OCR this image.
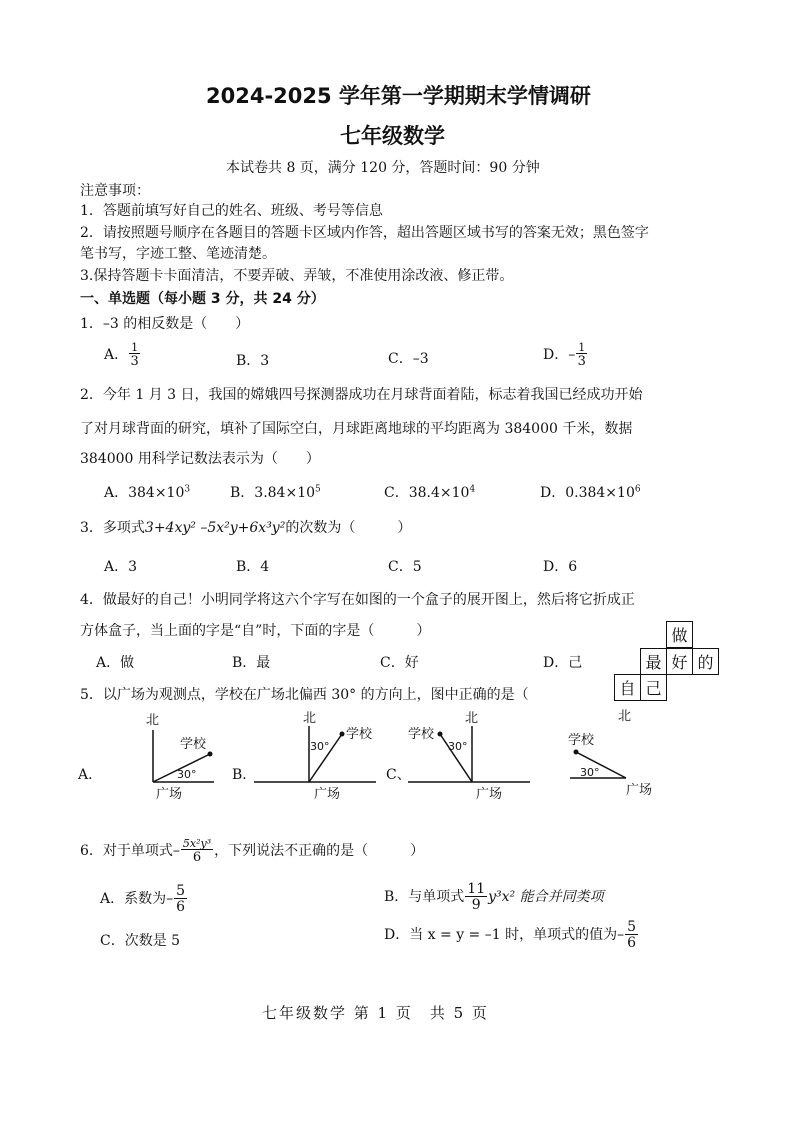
2024-2025 学年第一学期期末学情调研
七年级数学
本试卷共 8 页，满分 120 分，答题时间：90 分钟
注意事项：
1．答题前填写好自己的姓名、班级、考号等信息
2．请按照题号顺序在各题目的答题卡区域内作答，超出答题区域书写的答案无效；黑色签字
笔书写，字迹工整、笔迹清楚。
3.保持答题卡卡面清洁，不要弄破、弄皱，不准使用涂改液、修正带。
一、单选题（每小题 3 分，共 24 分）
1．–3 的相反数是（　　）
A． $\frac{1}{3}$	B．3	C．–3	D．– $\frac{1}{3}$
2．今年 1 月 3 日，我国的嫦娥四号探测器成功在月球背面着陆，标志着我国已经成功开始
了对月球背面的研究，填补了国际空白，月球距离地球的平均距离为 384000 千米，数据
384000 用科学记数法表示为（　　）
A．$384\times 10^3$	B．$3.84\times 10^5$	C．$38.4\times 10^4$	D．$0.384\times 10^6$
3．多项式3+4xy² –5x²y+6x³y²的次数为（　　　）
A．3	B．4	C．5	D．6
4．做最好的自己！小明同学将这六个字写在如图的一个盒子的展开图上，然后将它折成正
方体盒子，当上面的字是“自”时，下面的字是（　　　）
A．做	B．最	C．好	D．己
做
最 好 的
自 己
5．以广场为观测点，学校在广场北偏西 30° 的方向上，图中正确的是（
A．	B．	C、
北
学校
30°
广场
北
学校
30°
广场
北
学校
30°
广场
北
学校
30°
广场
6．对于单项式– $\frac{\text{5x²y³}}{6}$ ，下列说法不正确的是（　　　）
A．系数为– $\frac{5}{6}$	B．与单项式 $\frac{11}{9} y^3x^2$ 能合并同类项
C．次数是 5	D．当 x = y = –1 时，单项式的值为– $\frac{5}{6}$
七年级数学 第 1 页　共 5 页
